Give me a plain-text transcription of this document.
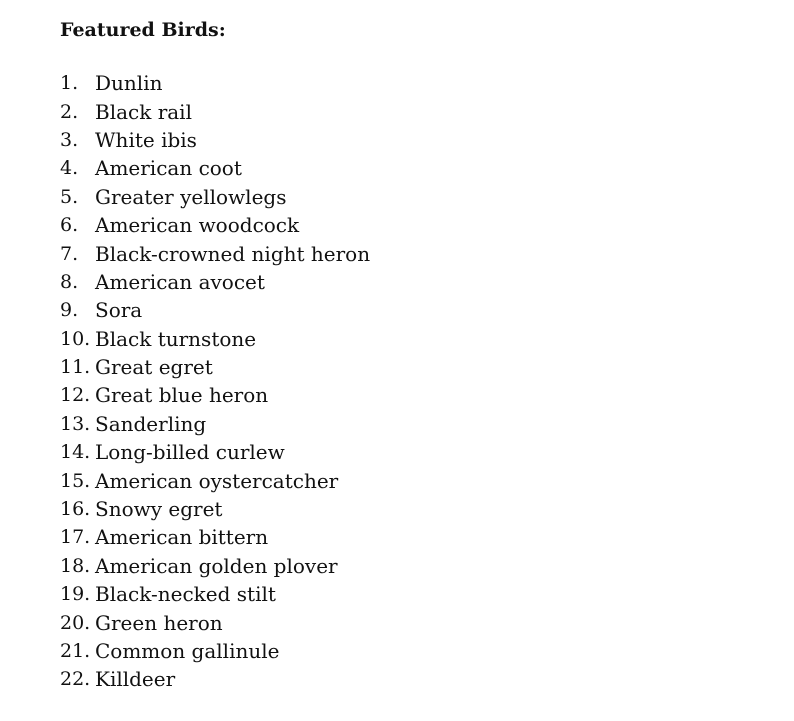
Featured Birds:
1. Dunlin
2. Black rail
3. White ibis
4. American coot
5. Greater yellowlegs
6. American woodcock
7. Black-crowned night heron
8. American avocet
9. Sora
10. Black turnstone
11. Great egret
12. Great blue heron
13. Sanderling
14. Long-billed curlew
15. American oystercatcher
16. Snowy egret
17. American bittern
18. American golden plover
19. Black-necked stilt
20. Green heron
21. Common gallinule
22. Killdeer
